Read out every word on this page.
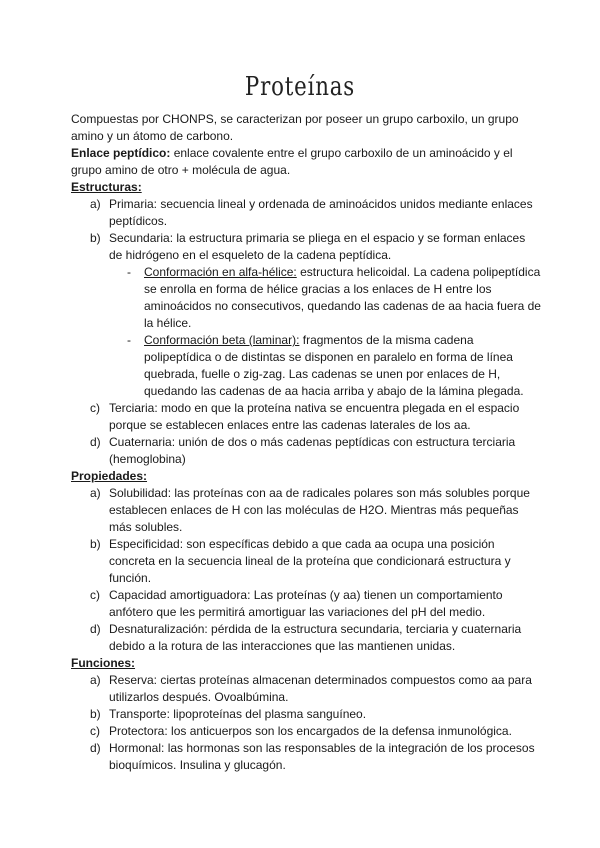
Proteínas

Compuestas por CHONPS, se caracterizan por poseer un grupo carboxilo, un grupo amino y un átomo de carbono.

Enlace peptídico: enlace covalente entre el grupo carboxilo de un aminoácido y el grupo amino de otro + molécula de agua.

Estructuras:

a) Primaria: secuencia lineal y ordenada de aminoácidos unidos mediante enlaces peptídicos.
b) Secundaria: la estructura primaria se pliega en el espacio y se forman enlaces de hidrógeno en el esqueleto de la cadena peptídica.
- Conformación en alfa-hélice: estructura helicoidal. La cadena polipeptídica se enrolla en forma de hélice gracias a los enlaces de H entre los aminoácidos no consecutivos, quedando las cadenas de aa hacia fuera de la hélice.
- Conformación beta (laminar): fragmentos de la misma cadena polipeptídica o de distintas se disponen en paralelo en forma de línea quebrada, fuelle o zig-zag. Las cadenas se unen por enlaces de H, quedando las cadenas de aa hacia arriba y abajo de la lámina plegada.
c) Terciaria: modo en que la proteína nativa se encuentra plegada en el espacio porque se establecen enlaces entre las cadenas laterales de los aa.
d) Cuaternaria: unión de dos o más cadenas peptídicas con estructura terciaria (hemoglobina)

Propiedades:

a) Solubilidad: las proteínas con aa de radicales polares son más solubles porque establecen enlaces de H con las moléculas de H2O. Mientras más pequeñas más solubles.
b) Especificidad: son específicas debido a que cada aa ocupa una posición concreta en la secuencia lineal de la proteína que condicionará estructura y función.
c) Capacidad amortiguadora: Las proteínas (y aa) tienen un comportamiento anfótero que les permitirá amortiguar las variaciones del pH del medio.
d) Desnaturalización: pérdida de la estructura secundaria, terciaria y cuaternaria debido a la rotura de las interacciones que las mantienen unidas.

Funciones:

a) Reserva: ciertas proteínas almacenan determinados compuestos como aa para utilizarlos después. Ovoalbúmina.
b) Transporte: lipoproteínas del plasma sanguíneo.
c) Protectora: los anticuerpos son los encargados de la defensa inmunológica.
d) Hormonal: las hormonas son las responsables de la integración de los procesos bioquímicos. Insulina y glucagón.
